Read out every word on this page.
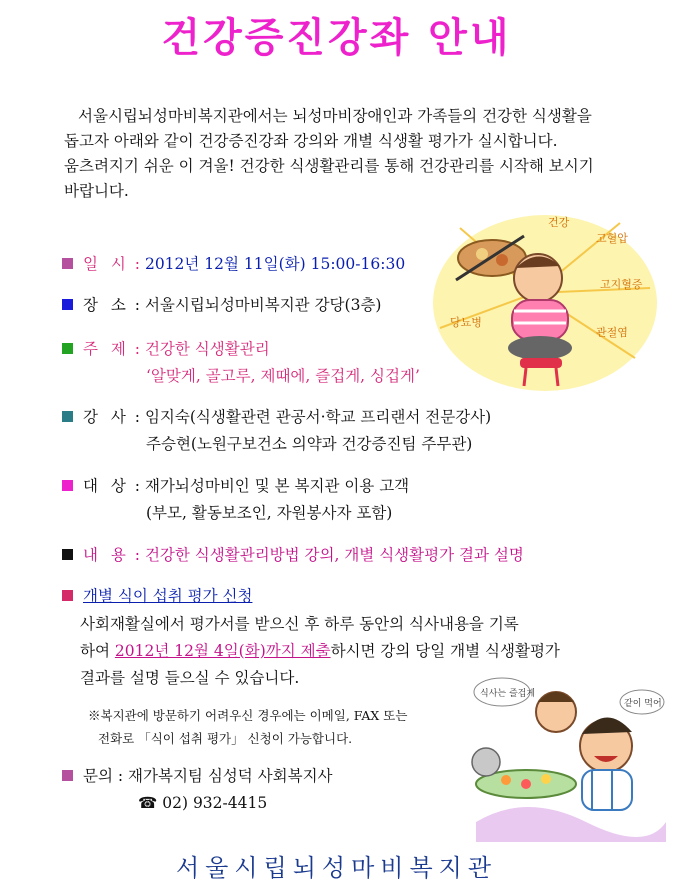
건강증진강좌 안내

서울시립뇌성마비복지관에서는 뇌성마비장애인과 가족들의 건강한 식생활을

돕고자 아래와 같이 건강증진강좌 강의와 개별 식생활 평가가 실시합니다.

움츠려지기 쉬운 이 겨울! 건강한 식생활관리를 통해 건강관리를 시작해 보시기

바랍니다.

건강
고혈압
고지혈증
관절염
당뇨병
일 시 : 2012년 12월 11일(화) 15:00-16:30
장 소 : 서울시립뇌성마비복지관 강당(3층)
주 제 : 건강한 식생활관리
‘알맞게, 골고루, 제때에, 즐겁게, 싱겁게’
강 사 : 임지숙(식생활관련 관공서·학교 프리랜서 전문강사)
주승현(노원구보건소 의약과 건강증진팀 주무관)
대 상 : 재가뇌성마비인 및 본 복지관 이용 고객
(부모, 활동보조인, 자원봉사자 포함)
내 용 : 건강한 식생활관리방법 강의, 개별 식생활평가 결과 설명
개별 식이 섭취 평가 신청

사회재활실에서 평가서를 받으신 후 하루 동안의 식사내용을 기록

하여 2012년 12월 4일(화)까지 제출하시면 강의 당일 개별 식생활평가

결과를 설명 들으실 수 있습니다.

※복지관에 방문하기 어려우신 경우에는 이메일, FAX 또는
전화로 「식이 섭취 평가」 신청이 가능합니다.
식사는 즐겁게
같이 먹어
문의 : 재가복지팀 심성덕 사회복지사
☎ 02) 932-4415
서울시립뇌성마비복지관
